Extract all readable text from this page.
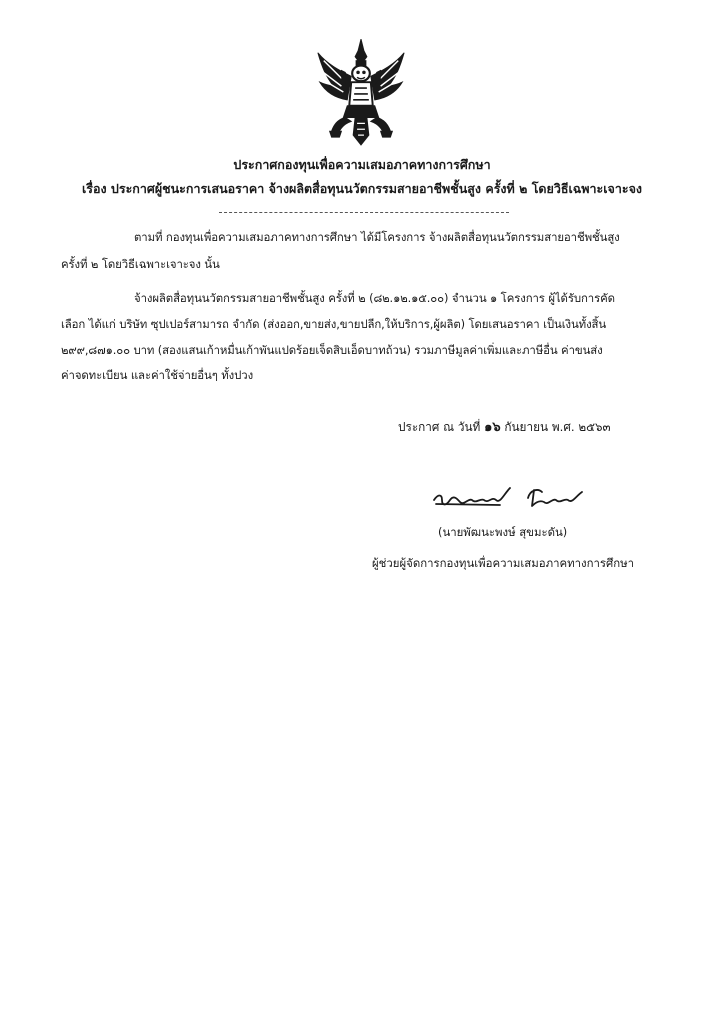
ประกาศกองทุนเพื่อความเสมอภาคทางการศึกษา
เรื่อง ประกาศผู้ชนะการเสนอราคา จ้างผลิตสื่อทุนนวัตกรรมสายอาชีพชั้นสูง ครั้งที่ ๒ โดยวิธีเฉพาะเจาะจง
ตามที่ กองทุนเพื่อความเสมอภาคทางการศึกษา ได้มีโครงการ จ้างผลิตสื่อทุนนวัตกรรมสายอาชีพชั้นสูง
ครั้งที่ ๒ โดยวิธีเฉพาะเจาะจง นั้น
จ้างผลิตสื่อทุนนวัตกรรมสายอาชีพชั้นสูง ครั้งที่ ๒ (๘๒.๑๒.๑๕.๐๐) จำนวน ๑ โครงการ ผู้ได้รับการคัด
เลือก ได้แก่ บริษัท ซุปเปอร์สามารถ จำกัด (ส่งออก,ขายส่ง,ขายปลีก,ให้บริการ,ผู้ผลิต) โดยเสนอราคา เป็นเงินทั้งสิ้น
๒๙๙,๘๗๑.๐๐ บาท (สองแสนเก้าหมื่นเก้าพันแปดร้อยเจ็ดสิบเอ็ดบาทถ้วน) รวมภาษีมูลค่าเพิ่มและภาษีอื่น ค่าขนส่ง
ค่าจดทะเบียน และค่าใช้จ่ายอื่นๆ ทั้งปวง
ประกาศ ณ วันที่ ๑๖ กันยายน พ.ศ. ๒๕๖๓
(นายพัฒนะพงษ์ สุขมะดัน)
ผู้ช่วยผู้จัดการกองทุนเพื่อความเสมอภาคทางการศึกษา
